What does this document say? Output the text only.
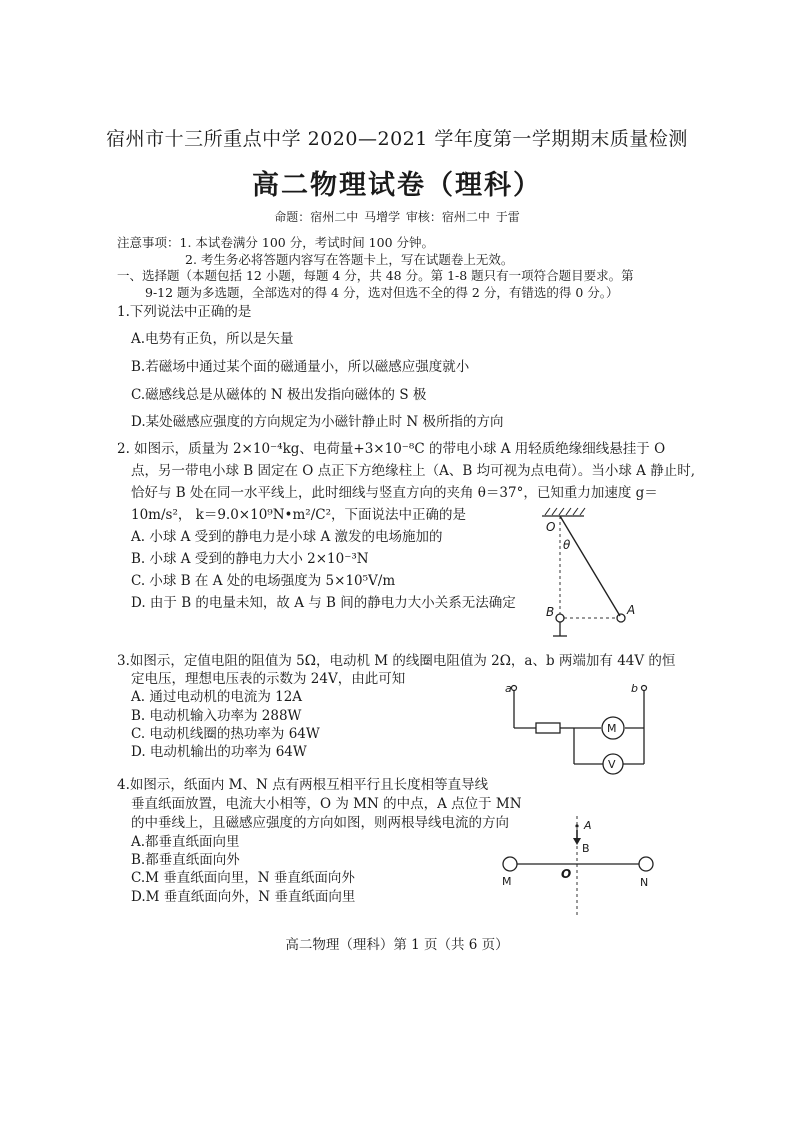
宿州市十三所重点中学 2020—2021 学年度第一学期期末质量检测
高二物理试卷（理科）
命题：宿州二中 马增学 审核：宿州二中 于雷
注意事项：1. 本试卷满分 100 分，考试时间 100 分钟。
2. 考生务必将答题内容写在答题卡上，写在试题卷上无效。
一、选择题（本题包括 12 小题，每题 4 分，共 48 分。第 1-8 题只有一项符合题目要求。第
9-12 题为多选题，全部选对的得 4 分，选对但选不全的得 2 分，有错选的得 0 分。）
1.下列说法中正确的是
A.电势有正负，所以是矢量
B.若磁场中通过某个面的磁通量小，所以磁感应强度就小
C.磁感线总是从磁体的 N 极出发指向磁体的 S 极
D.某处磁感应强度的方向规定为小磁针静止时 N 极所指的方向
2. 如图示，质量为 2×10⁻⁴kg、电荷量+3×10⁻⁸C 的带电小球 A 用轻质绝缘细线悬挂于 O
点，另一带电小球 B 固定在 O 点正下方绝缘柱上（A、B 均可视为点电荷）。当小球 A 静止时,
恰好与 B 处在同一水平线上，此时细线与竖直方向的夹角 θ＝37°，已知重力加速度 g＝
10m/s²， k＝9.0×10⁹N•m²/C²，下面说法中正确的是
A. 小球 A 受到的静电力是小球 A 激发的电场施加的
B. 小球 A 受到的静电力大小 2×10⁻³N
C. 小球 B 在 A 处的电场强度为 5×10⁵V/m
D. 由于 B 的电量未知，故 A 与 B 间的静电力大小关系无法确定
O
θ
B	A
3.如图示，定值电阻的阻值为 5Ω，电动机 M 的线圈电阻值为 2Ω，a、b 两端加有 44V 的恒
定电压，理想电压表的示数为 24V，由此可知
A. 通过电动机的电流为 12A
B. 电动机输入功率为 288W
C. 电动机线圈的热功率为 64W
D. 电动机输出的功率为 64W
a	b
M
V
4.如图示，纸面内 M、N 点有两根互相平行且长度相等直导线
垂直纸面放置，电流大小相等，O 为 MN 的中点，A 点位于 MN
的中垂线上，且磁感应强度的方向如图，则两根导线电流的方向
A.都垂直纸面向里
B.都垂直纸面向外
C.M 垂直纸面向里，N 垂直纸面向外
D.M 垂直纸面向外，N 垂直纸面向里
A
B
O
M	N
高二物理（理科）第 1 页（共 6 页）
